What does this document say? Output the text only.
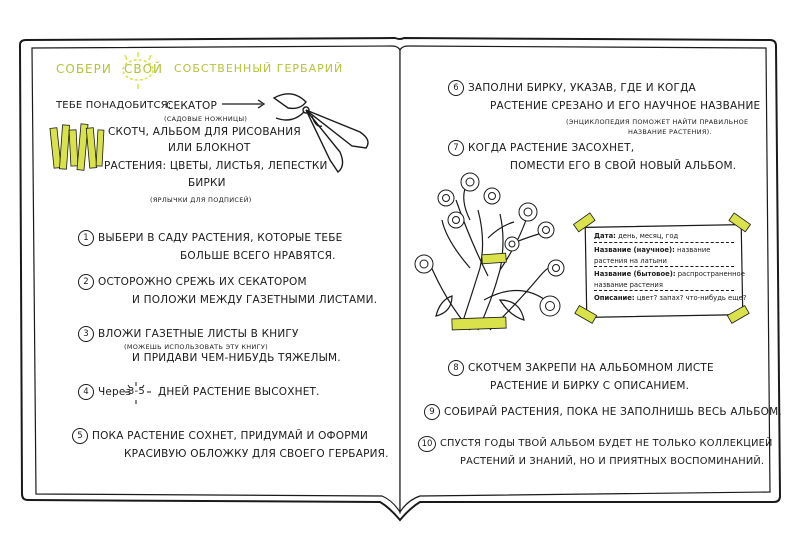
СОБЕРИ СВОЙ СОБСТВЕННЫЙ ГЕРБАРИЙ
ТЕБЕ ПОНАДОБИТСЯ:
СЕКАТОР
(САДОВЫЕ НОЖНИЦЫ)
СКОТЧ, АЛЬБОМ ДЛЯ РИСОВАНИЯ
ИЛИ БЛОКНОТ
РАСТЕНИЯ: ЦВЕТЫ, ЛИСТЬЯ, ЛЕПЕСТКИ
БИРКИ
(ЯРЛЫЧКИ ДЛЯ ПОДПИСЕЙ)
1 ВЫБЕРИ В САДУ РАСТЕНИЯ, КОТОРЫЕ ТЕБЕ
БОЛЬШЕ ВСЕГО НРАВЯТСЯ.
2 ОСТОРОЖНО СРЕЖЬ ИХ СЕКАТОРОМ
И ПОЛОЖИ МЕЖДУ ГАЗЕТНЫМИ ЛИСТАМИ.
3 ВЛОЖИ ГАЗЕТНЫЕ ЛИСТЫ В КНИГУ
(МОЖЕШЬ ИСПОЛЬЗОВАТЬ ЭТУ КНИГУ)
И ПРИДАВИ ЧЕМ-НИБУДЬ ТЯЖЕЛЫМ.
4 Через
3-5 ДНЕЙ РАСТЕНИЕ ВЫСОХНЕТ.
5 ПОКА РАСТЕНИЕ СОХНЕТ, ПРИДУМАЙ И ОФОРМИ
КРАСИВУЮ ОБЛОЖКУ ДЛЯ СВОЕГО ГЕРБАРИЯ.
6 ЗАПОЛНИ БИРКУ, УКАЗАВ, ГДЕ И КОГДА
РАСТЕНИЕ СРЕЗАНО И ЕГО НАУЧНОЕ НАЗВАНИЕ
(ЭНЦИКЛОПЕДИЯ ПОМОЖЕТ НАЙТИ ПРАВИЛЬНОЕ
НАЗВАНИЕ РАСТЕНИЯ).
7 КОГДА РАСТЕНИЕ ЗАСОХНЕТ,
ПОМЕСТИ ЕГО В СВОЙ НОВЫЙ АЛЬБОМ.
8 СКОТЧЕМ ЗАКРЕПИ НА АЛЬБОМНОМ ЛИСТЕ
РАСТЕНИЕ И БИРКУ С ОПИСАНИЕМ.
9 СОБИРАЙ РАСТЕНИЯ, ПОКА НЕ ЗАПОЛНИШЬ ВЕСЬ АЛЬБОМ.
10 СПУСТЯ ГОДЫ ТВОЙ АЛЬБОМ БУДЕТ НЕ ТОЛЬКО КОЛЛЕКЦИЕЙ
РАСТЕНИЙ И ЗНАНИЙ, НО И ПРИЯТНЫХ ВОСПОМИНАНИЙ.
Дата: день, месяц, год
Название (научное): название
растения на латыни
Название (бытовое): распространенное
название растения
Описание: цвет? запах? что-нибудь еще?
